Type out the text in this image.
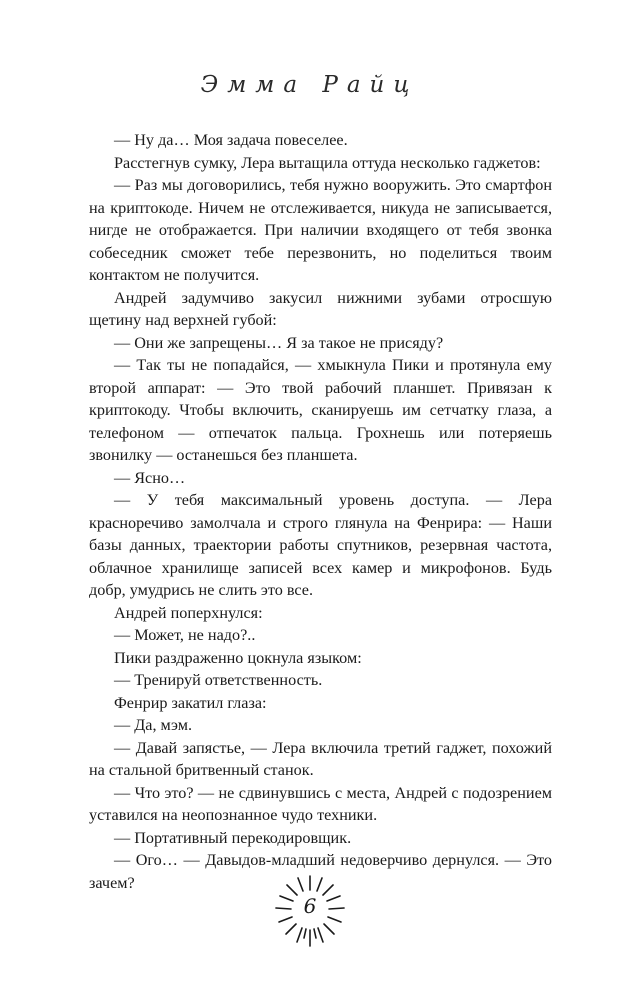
Эмма Райц

— Ну да… Моя задача повеселее.

Расстегнув сумку, Лера вытащила оттуда несколько гаджетов:

— Раз мы договорились, тебя нужно вооружить. Это смартфон на криптокоде. Ничем не отслеживается, никуда не записывается, нигде не отображается. При наличии входящего от тебя звонка собеседник сможет тебе перезвонить, но поделиться твоим контактом не получится.

Андрей задумчиво закусил нижними зубами отросшую щетину над верхней губой:

— Они же запрещены… Я за такое не присяду?

— Так ты не попадайся, — хмыкнула Пики и протянула ему второй аппарат: — Это твой рабочий планшет. Привязан к криптокоду. Чтобы включить, сканируешь им сетчатку глаза, а телефоном — отпечаток пальца. Грохнешь или потеряешь звонилку — останешься без планшета.

— Ясно…

— У тебя максимальный уровень доступа. — Лера красноречиво замолчала и строго глянула на Фенрира: — Наши базы данных, траектории работы спутников, резервная частота, облачное хранилище записей всех камер и микрофонов. Будь добр, умудрись не слить это все.

Андрей поперхнулся:

— Может, не надо?..

Пики раздраженно цокнула языком:

— Тренируй ответственность.

Фенрир закатил глаза:

— Да, мэм.

— Давай запястье, — Лера включила третий гаджет, похожий на стальной бритвенный станок.

— Что это? — не сдвинувшись с места, Андрей с подозрением уставился на неопознанное чудо техники.

— Портативный перекодировщик.

— Ого… — Давыдов-младший недоверчиво дернулся. — Это зачем?

6
